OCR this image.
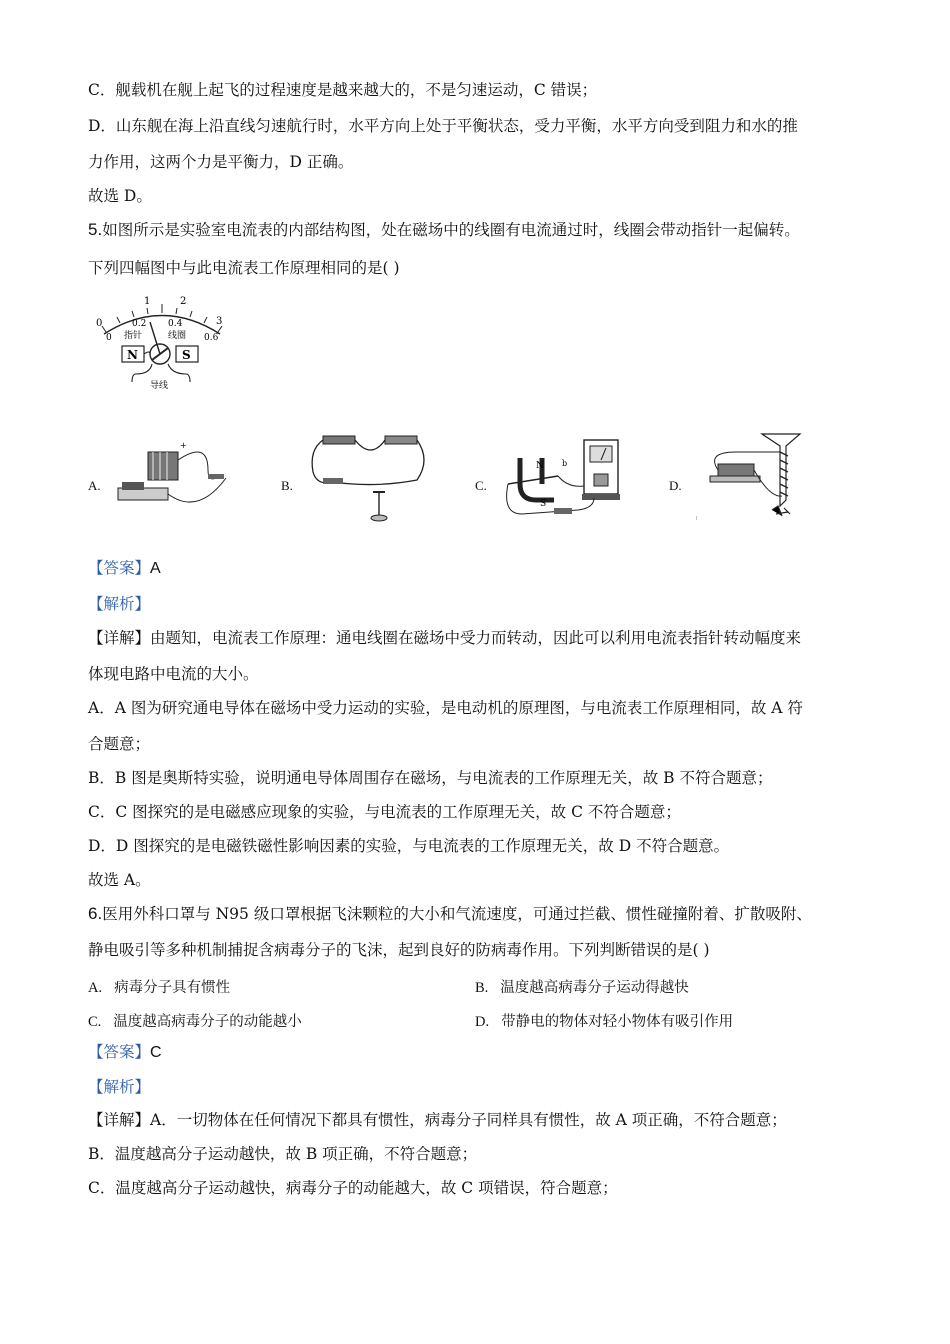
C．舰载机在舰上起飞的过程速度是越来越大的，不是匀速运动，C 错误；
D．山东舰在海上沿直线匀速航行时，水平方向上处于平衡状态，受力平衡，水平方向受到阻力和水的推
力作用，这两个力是平衡力，D 正确。
故选 D。
5.如图所示是实验室电流表的内部结构图，处在磁场中的线圈有电流通过时，线圈会带动指针一起偏转。
下列四幅图中与此电流表工作原理相同的是( )
0
1	2
3
0
0.2 0.4
0.6
指针	线圈
N	S
导线
A.
+
B.	C.
N
S
b
D.
【答案】A
【解析】
【详解】由题知，电流表工作原理：通电线圈在磁场中受力而转动，因此可以利用电流表指针转动幅度来
体现电路中电流的大小。
A．A 图为研究通电导体在磁场中受力运动的实验，是电动机的原理图，与电流表工作原理相同，故 A 符
合题意；
B．B 图是奥斯特实验，说明通电导体周围存在磁场，与电流表的工作原理无关，故 B 不符合题意；
C．C 图探究的是电磁感应现象的实验，与电流表的工作原理无关，故 C 不符合题意；
D．D 图探究的是电磁铁磁性影响因素的实验，与电流表的工作原理无关，故 D 不符合题意。
故选 A。
6.医用外科口罩与 N95 级口罩根据飞沫颗粒的大小和气流速度，可通过拦截、惯性碰撞附着、扩散吸附、
静电吸引等多种机制捕捉含病毒分子的飞沫，起到良好的防病毒作用。下列判断错误的是( )
A. 病毒分子具有惯性	B. 温度越高病毒分子运动得越快
C. 温度越高病毒分子的动能越小	D. 带静电的物体对轻小物体有吸引作用
【答案】C
【解析】
【详解】A．一切物体在任何情况下都具有惯性，病毒分子同样具有惯性，故 A 项正确，不符合题意；
B．温度越高分子运动越快，故 B 项正确，不符合题意；
C．温度越高分子运动越快，病毒分子的动能越大，故 C 项错误，符合题意；
